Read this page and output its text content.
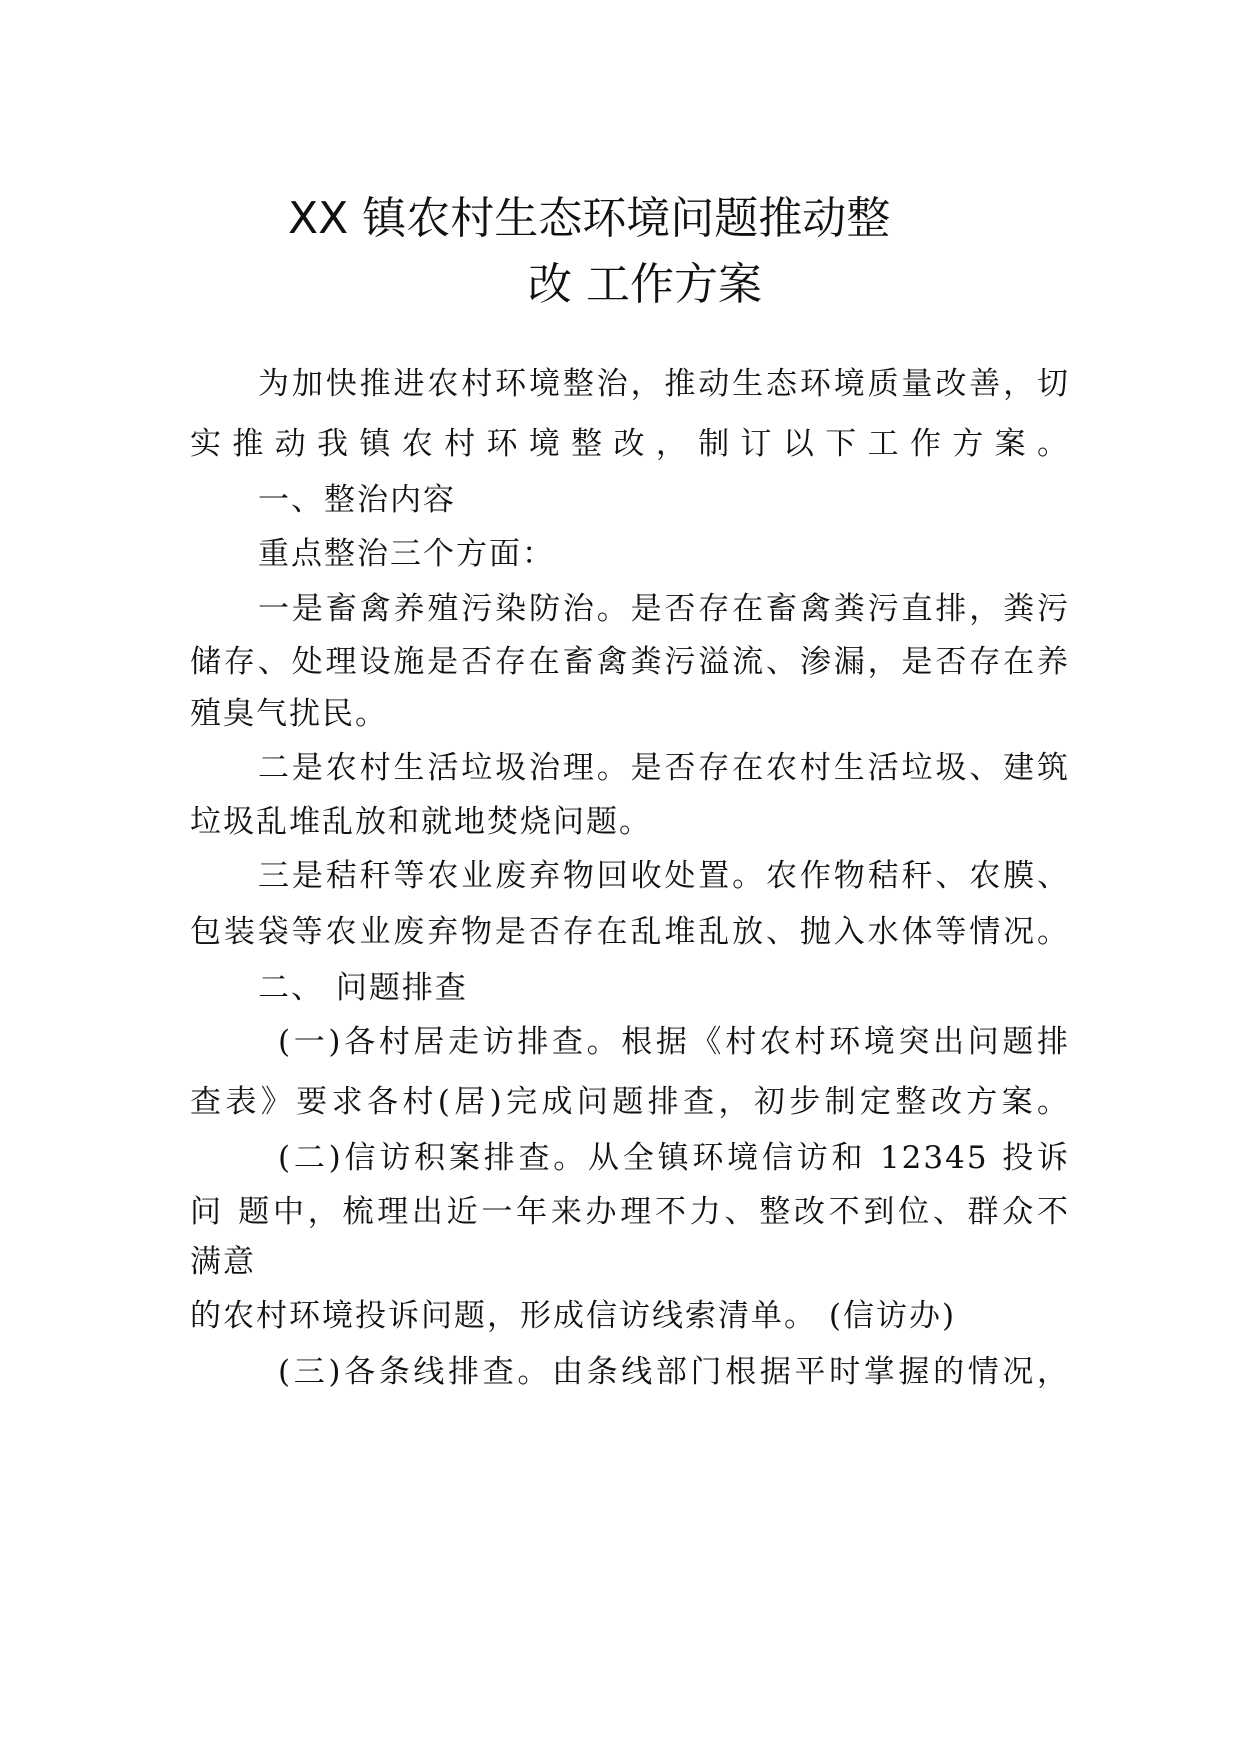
XX 镇农村生态环境问题推动整
改 工作方案
为加快推进农村环境整治，推动生态环境质量改善，切
实推动我镇农村环境整改，制订以下工作方案。
一、整治内容
重点整治三个方面：
一是畜禽养殖污染防治。是否存在畜禽粪污直排，粪污
储存、处理设施是否存在畜禽粪污溢流、渗漏，是否存在养
殖臭气扰民。
二是农村生活垃圾治理。是否存在农村生活垃圾、建筑
垃圾乱堆乱放和就地焚烧问题。
三是秸秆等农业废弃物回收处置。农作物秸秆、农膜、
包装袋等农业废弃物是否存在乱堆乱放、抛入水体等情况。
二、 问题排查
(一)各村居走访排查。根据《村农村环境突出问题排
查表》要求各村(居)完成问题排查，初步制定整改方案。
(二)信访积案排查。从全镇环境信访和 12345 投诉
问 题中，梳理出近一年来办理不力、整改不到位、群众不
满意
的农村环境投诉问题，形成信访线索清单。 (信访办)
(三)各条线排查。由条线部门根据平时掌握的情况，
